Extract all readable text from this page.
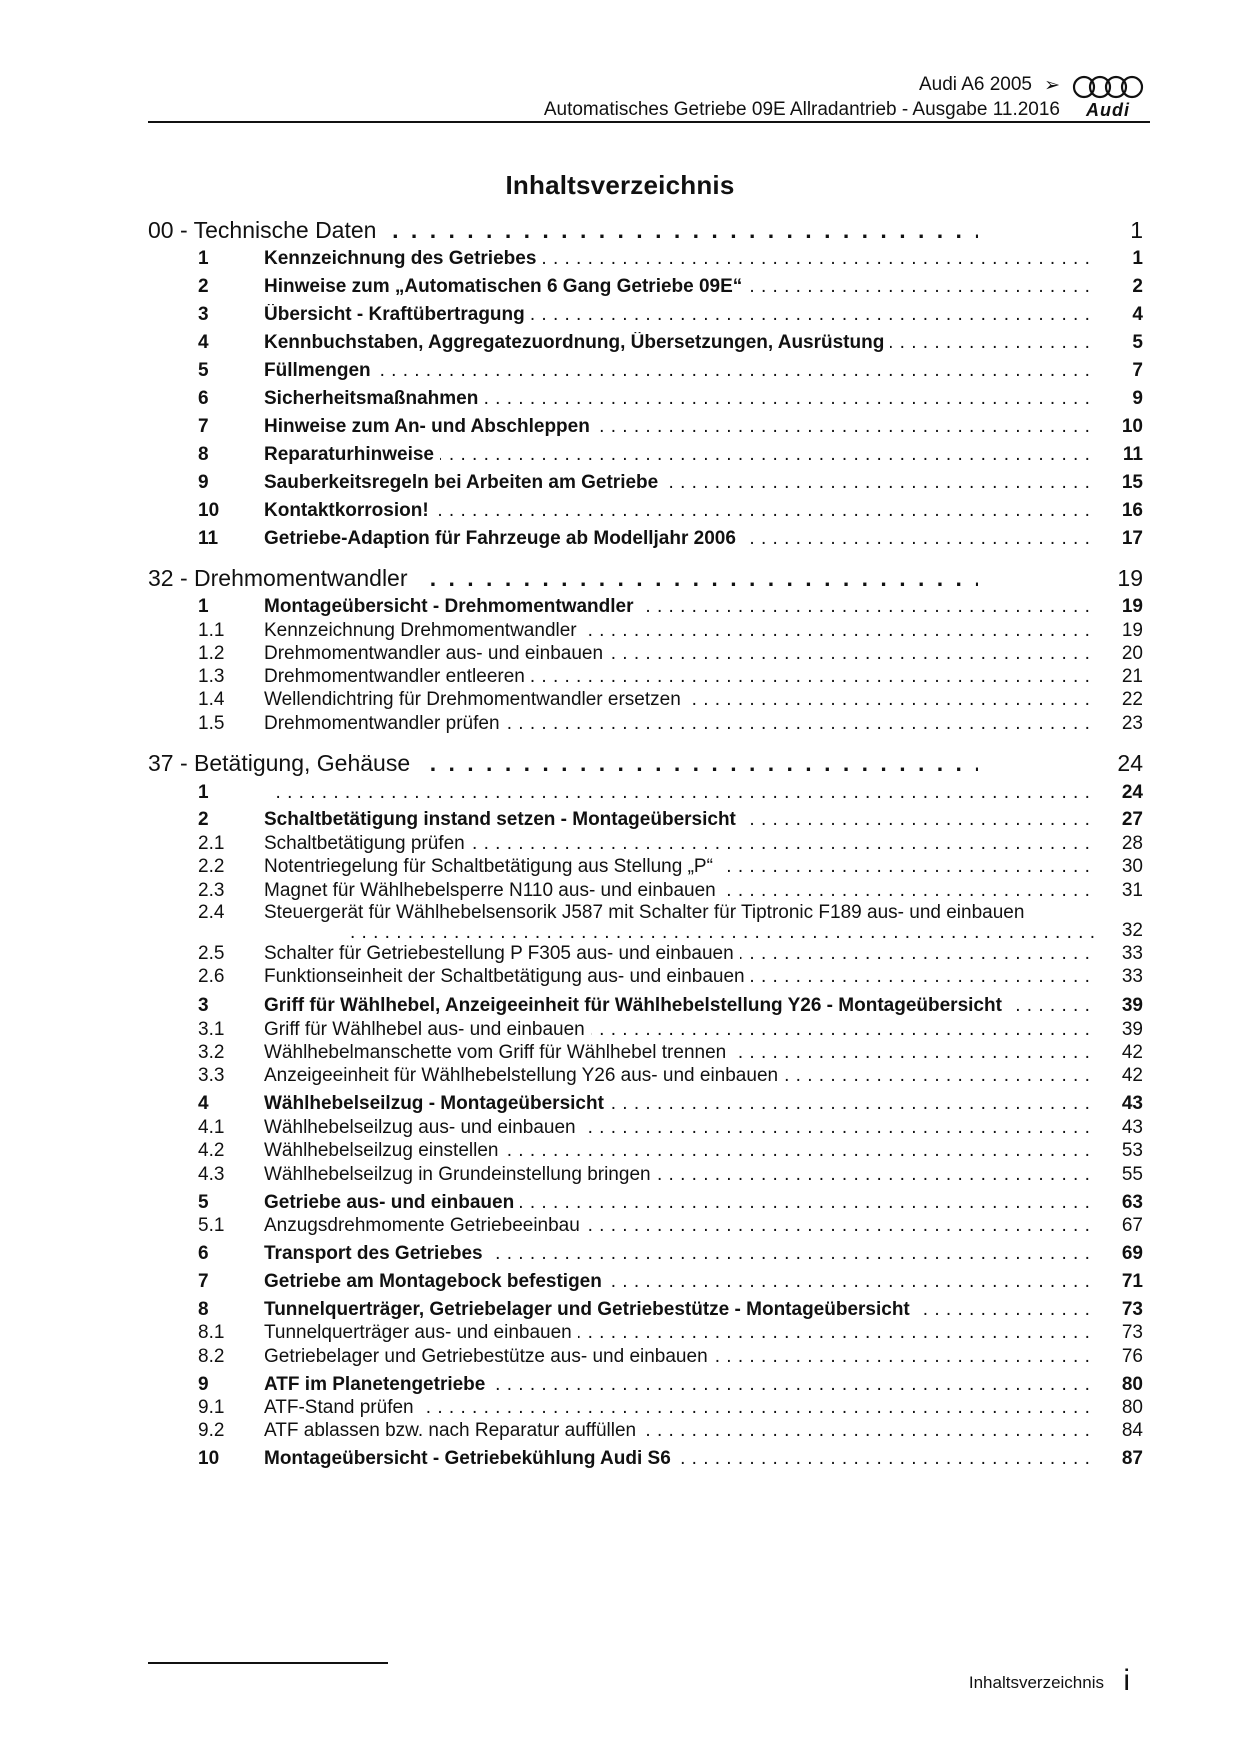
Audi A6 2005 ➢
Automatisches Getriebe 09E Allradantrieb - Ausgabe 11.2016	Audi
Inhaltsverzeichnis
00 - Technische Daten . . .	1
1	Kennzeichnung des Getriebes . . .	1
2	Hinweise zum „Automatischen 6 Gang Getriebe 09E“ . . .	2
3	Übersicht - Kraftübertragung . . .	4
4	Kennbuchstaben, Aggregatezuordnung, Übersetzungen, Ausrüstung . . .	5
5	Füllmengen . . .	7
6	Sicherheitsmaßnahmen . . .	9
7	Hinweise zum An- und Abschleppen . . .	10
8	Reparaturhinweise . . .	11
9	Sauberkeitsregeln bei Arbeiten am Getriebe . . .	15
10 Kontaktkorrosion! . . .	16
11 Getriebe-Adaption für Fahrzeuge ab Modelljahr 2006 . . .	17
32 - Drehmomentwandler . . .	19
1	Montageübersicht - Drehmomentwandler . . .	19
1.1 Kennzeichnung Drehmomentwandler . . .	19
1.2 Drehmomentwandler aus- und einbauen . . .	20
1.3 Drehmomentwandler entleeren . . .	21
1.4 Wellendichtring für Drehmomentwandler ersetzen . . .	22
1.5 Drehmomentwandler prüfen . . .	23
37 - Betätigung, Gehäuse . . .	24
1 . . .	24
2	Schaltbetätigung instand setzen - Montageübersicht . . .	27
2.1 Schaltbetätigung prüfen . . .	28
2.2 Notentriegelung für Schaltbetätigung aus Stellung „P“ . . .	30
2.3 Magnet für Wählhebelsperre N110 aus- und einbauen . . .	31
2.4 Steuergerät für Wählhebelsensorik J587 mit Schalter für Tiptronic F189 aus- und einbauen . . .
32
2.5 Schalter für Getriebestellung P F305 aus- und einbauen . . .	33
2.6 Funktionseinheit der Schaltbetätigung aus- und einbauen . . .	33
3	Griff für Wählhebel, Anzeigeeinheit für Wählhebelstellung Y26 - Montageübersicht . . .	39
3.1 Griff für Wählhebel aus- und einbauen . . .	39
3.2 Wählhebelmanschette vom Griff für Wählhebel trennen . . .	42
3.3 Anzeigeeinheit für Wählhebelstellung Y26 aus- und einbauen . . .	42
4	Wählhebelseilzug - Montageübersicht . . .	43
4.1 Wählhebelseilzug aus- und einbauen . . .	43
4.2 Wählhebelseilzug einstellen . . .	53
4.3 Wählhebelseilzug in Grundeinstellung bringen . . .	55
5	Getriebe aus- und einbauen . . .	63
5.1 Anzugsdrehmomente Getriebeeinbau . . .	67
6	Transport des Getriebes . . .	69
7	Getriebe am Montagebock befestigen . . .	71
8	Tunnelquerträger, Getriebelager und Getriebestütze - Montageübersicht . . .	73
8.1 Tunnelquerträger aus- und einbauen . . .	73
8.2 Getriebelager und Getriebestütze aus- und einbauen . . .	76
9	ATF im Planetengetriebe . . .	80
9.1 ATF-Stand prüfen . . .	80
9.2 ATF ablassen bzw. nach Reparatur auffüllen . . .	84
10 Montageübersicht - Getriebekühlung Audi S6 . . .	87
Inhaltsverzeichnis i
